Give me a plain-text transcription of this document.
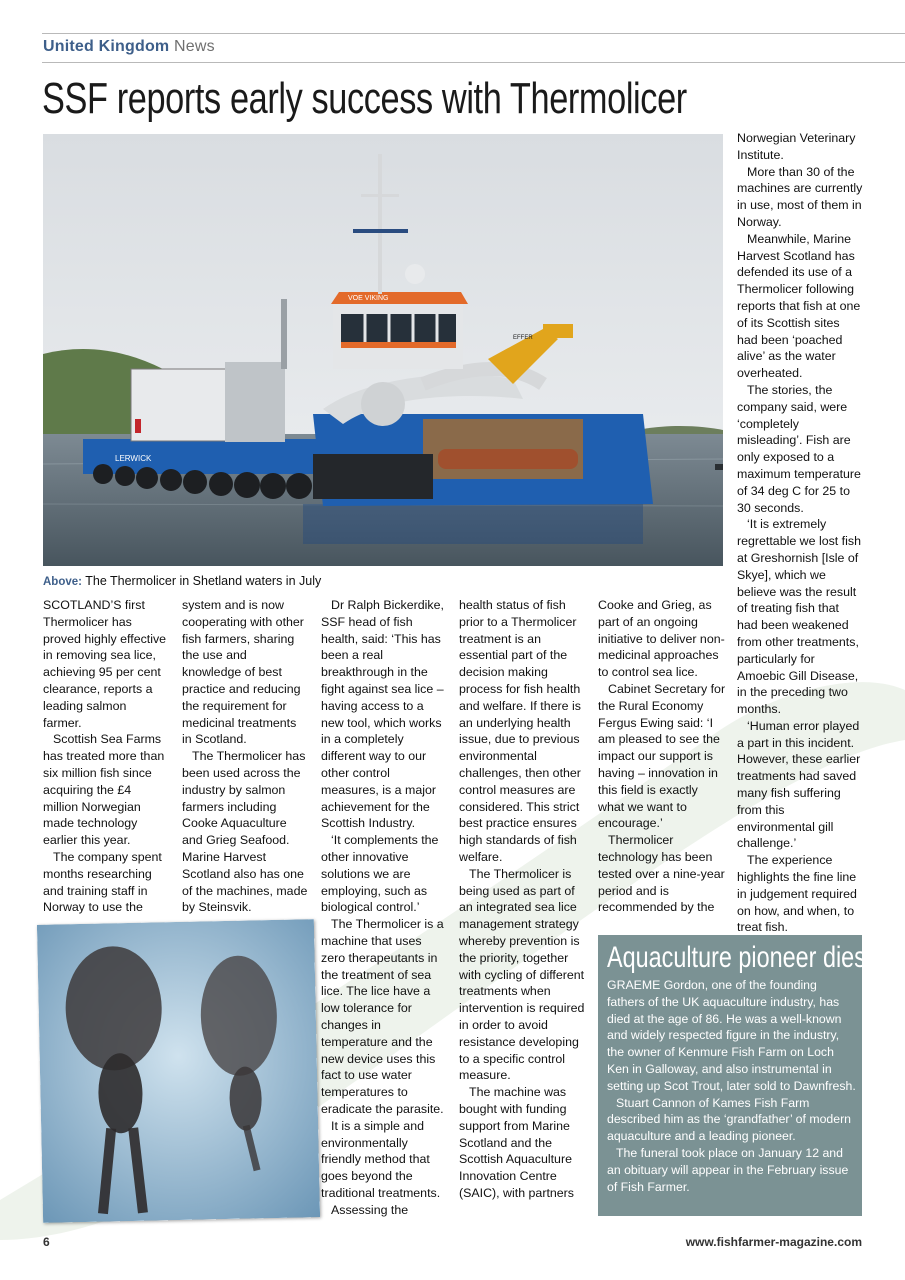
United Kingdom News
SSF reports early success with Thermolicer
LERWICK
VOE VIKING
EFFER
Above: The Thermolicer in Shetland waters in July

SCOTLAND’S first Thermolicer has proved highly effective in removing sea lice, achieving 95 per cent clearance, reports a leading salmon farmer.

Scottish Sea Farms has treated more than six million fish since acquiring the £4 million Norwegian made technology earlier this year.

The company spent months researching and training staff in Norway to use the

system and is now cooperating with other fish farmers, sharing the use and knowledge of best practice and reducing the requirement for medicinal treatments in Scotland.

The Thermolicer has been used across the industry by salmon farmers including Cooke Aquaculture and Grieg Seafood. Marine Harvest Scotland also has one of the machines, made by Steinsvik.

Dr Ralph Bickerdike, SSF head of fish health, said: ‘This has been a real breakthrough in the fight against sea lice – having access to a new tool, which works in a completely different way to our other control measures, is a major achievement for the Scottish Industry.

‘It complements the other innovative solutions we are employing, such as biological control.’

The Thermolicer is a machine that uses zero therapeutants in the treatment of sea lice. The lice have a low tolerance for changes in temperature and the new device uses this fact to use water temperatures to eradicate the parasite.

It is a simple and environmentally friendly method that goes beyond the traditional treatments.

Assessing the

health status of fish prior to a Thermolicer treatment is an essential part of the decision making process for fish health and welfare. If there is an underlying health issue, due to previous environmental challenges, then other control measures are considered. This strict best practice ensures high standards of fish welfare.

The Thermolicer is being used as part of an integrated sea lice management strategy whereby prevention is the priority, together with cycling of different treatments when intervention is required in order to avoid resistance developing to a specific control measure.

The machine was bought with funding support from Marine Scotland and the Scottish Aquaculture Innovation Centre (SAIC), with partners

Cooke and Grieg, as part of an ongoing initiative to deliver non-medicinal approaches to control sea lice.

Cabinet Secretary for the Rural Economy Fergus Ewing said: ‘I am pleased to see the impact our support is having – innovation in this field is exactly what we want to encourage.’

Thermolicer technology has been tested over a nine-year period and is recommended by the

Norwegian Veterinary Institute.

More than 30 of the machines are currently in use, most of them in Norway.

Meanwhile, Marine Harvest Scotland has defended its use of a Thermolicer following reports that fish at one of its Scottish sites had been ‘poached alive’ as the water overheated.

The stories, the company said, were ‘completely misleading’. Fish are only exposed to a maximum temperature of 34 deg C for 25 to 30 seconds.

‘It is extremely regrettable we lost fish at Greshornish [Isle of Skye], which we believe was the result of treating fish that had been weakened from other treatments, particularly for Amoebic Gill Disease, in the preceding two months.

‘Human error played a part in this incident. However, these earlier treatments had saved many fish suffering from this environmental gill challenge.’

The experience highlights the fine line in judgement required on how, and when, to treat fish.

Aquaculture pioneer dies

GRAEME Gordon, one of the founding fathers of the UK aquaculture industry, has died at the age of 86. He was a well-known and widely respected figure in the industry, the owner of Kenmure Fish Farm on Loch Ken in Galloway, and also instrumental in setting up Scot Trout, later sold to Dawnfresh.

Stuart Cannon of Kames Fish Farm described him as the ‘grandfather’ of modern aquaculture and a leading pioneer.

The funeral took place on January 12 and an obituary will appear in the February issue of Fish Farmer.

6	www.fishfarmer-magazine.com
